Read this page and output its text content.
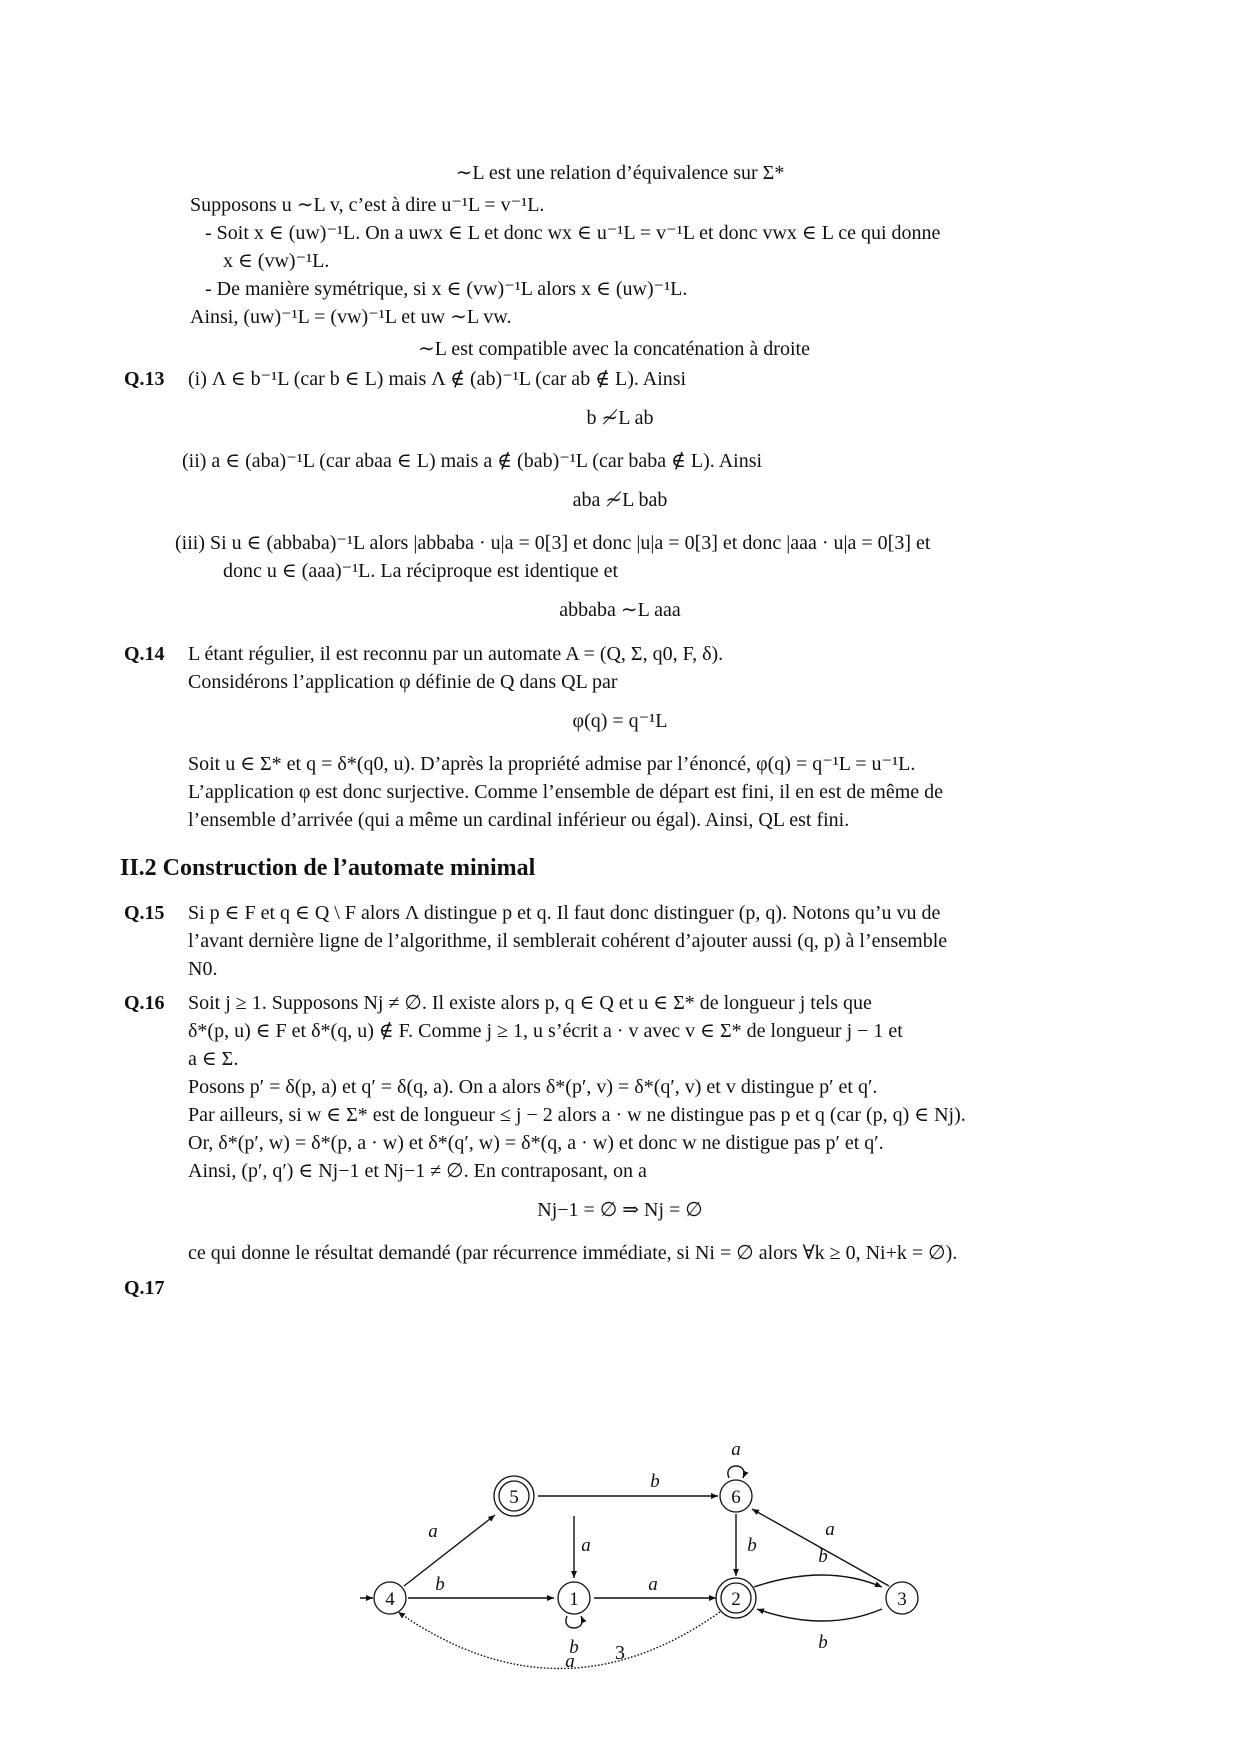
∼L est une relation d’équivalence sur Σ*
Supposons u ∼L v, c’est à dire u⁻¹L = v⁻¹L.
- Soit x ∈ (uw)⁻¹L. On a uwx ∈ L et donc wx ∈ u⁻¹L = v⁻¹L et donc vwx ∈ L ce qui donne
x ∈ (vw)⁻¹L.
- De manière symétrique, si x ∈ (vw)⁻¹L alors x ∈ (uw)⁻¹L.
Ainsi, (uw)⁻¹L = (vw)⁻¹L et uw ∼L vw.
∼L est compatible avec la concaténation à droite
Q.13 (i) Λ ∈ b⁻¹L (car b ∈ L) mais Λ ∉ (ab)⁻¹L (car ab ∉ L). Ainsi
b ≁L ab
(ii) a ∈ (aba)⁻¹L (car abaa ∈ L) mais a ∉ (bab)⁻¹L (car baba ∉ L). Ainsi
aba ≁L bab
(iii) Si u ∈ (abbaba)⁻¹L alors |abbaba · u|a = 0[3] et donc |u|a = 0[3] et donc |aaa · u|a = 0[3] et
donc u ∈ (aaa)⁻¹L. La réciproque est identique et
abbaba ∼L aaa
Q.14 L étant régulier, il est reconnu par un automate A = (Q, Σ, q0, F, δ).
Considérons l’application φ définie de Q dans QL par
φ(q) = q⁻¹L
Soit u ∈ Σ* et q = δ*(q0, u). D’après la propriété admise par l’énoncé, φ(q) = q⁻¹L = u⁻¹L.
L’application φ est donc surjective. Comme l’ensemble de départ est fini, il en est de même de
l’ensemble d’arrivée (qui a même un cardinal inférieur ou égal). Ainsi, QL est fini.
II.2 Construction de l’automate minimal
Q.15 Si p ∈ F et q ∈ Q \ F alors Λ distingue p et q. Il faut donc distinguer (p, q). Notons qu’u vu de
l’avant dernière ligne de l’algorithme, il semblerait cohérent d’ajouter aussi (q, p) à l’ensemble
N0.
Q.16 Soit j ≥ 1. Supposons Nj ≠ ∅. Il existe alors p, q ∈ Q et u ∈ Σ* de longueur j tels que
δ*(p, u) ∈ F et δ*(q, u) ∉ F. Comme j ≥ 1, u s’écrit a · v avec v ∈ Σ* de longueur j − 1 et
a ∈ Σ.
Posons p′ = δ(p, a) et q′ = δ(q, a). On a alors δ*(p′, v) = δ*(q′, v) et v distingue p′ et q′.
Par ailleurs, si w ∈ Σ* est de longueur ≤ j − 2 alors a · w ne distingue pas p et q (car (p, q) ∈ Nj).
Or, δ*(p′, w) = δ*(p, a · w) et δ*(q′, w) = δ*(q, a · w) et donc w ne distigue pas p′ et q′.
Ainsi, (p′, q′) ∈ Nj−1 et Nj−1 ≠ ∅. En contraposant, on a
Nj−1 = ∅ ⇒ Nj = ∅
ce qui donne le résultat demandé (par récurrence immédiate, si Ni = ∅ alors ∀k ≥ 0, Ni+k = ∅).
Q.17
4
5
1
6
2	3
a
b
b
a
b
a
a
b
a
b
b
a	3
